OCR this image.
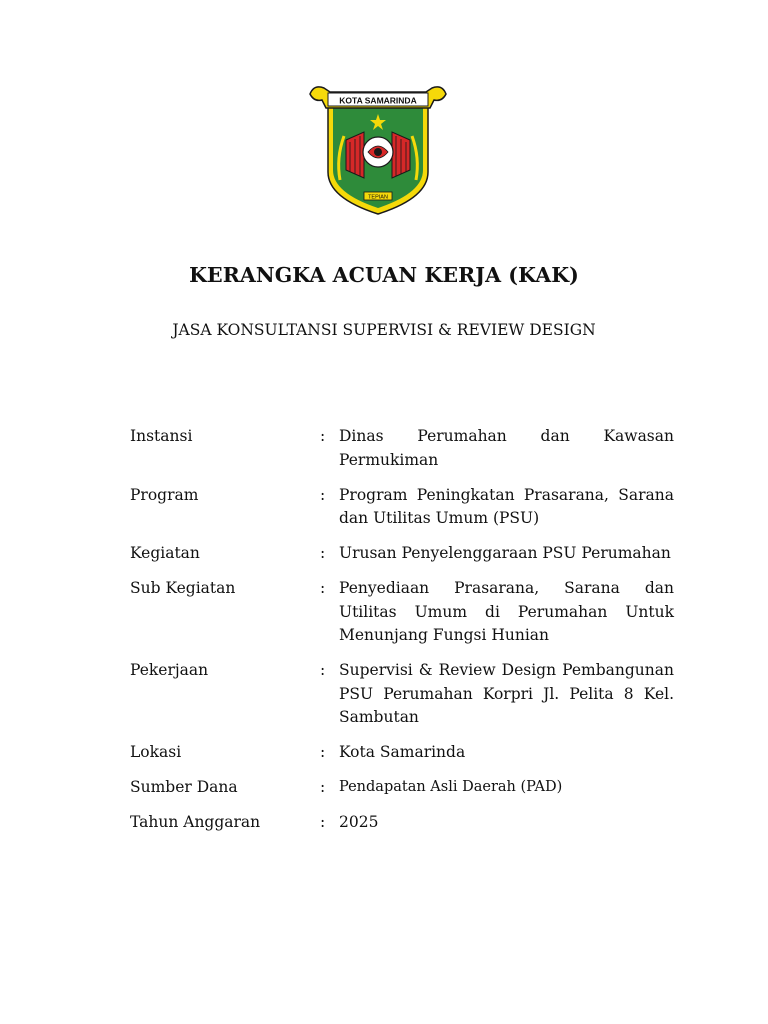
KOTA SAMARINDA
TEPIAN
KERANGKA ACUAN KERJA (KAK)
JASA KONSULTANSI SUPERVISI & REVIEW DESIGN
Instansi	: Dinas Perumahan dan Kawasan Permukiman
Program	: Program Peningkatan Prasarana, Sarana dan Utilitas Umum (PSU)
Kegiatan	: Urusan Penyelenggaraan PSU Perumahan
Sub Kegiatan	: Penyediaan Prasarana, Sarana dan Utilitas Umum di Perumahan Untuk Menunjang Fungsi Hunian
Pekerjaan	: Supervisi & Review Design Pembangunan PSU Perumahan Korpri Jl. Pelita 8 Kel. Sambutan
Lokasi	: Kota Samarinda
Sumber Dana	: Pendapatan Asli Daerah (PAD)
Tahun Anggaran	: 2025
